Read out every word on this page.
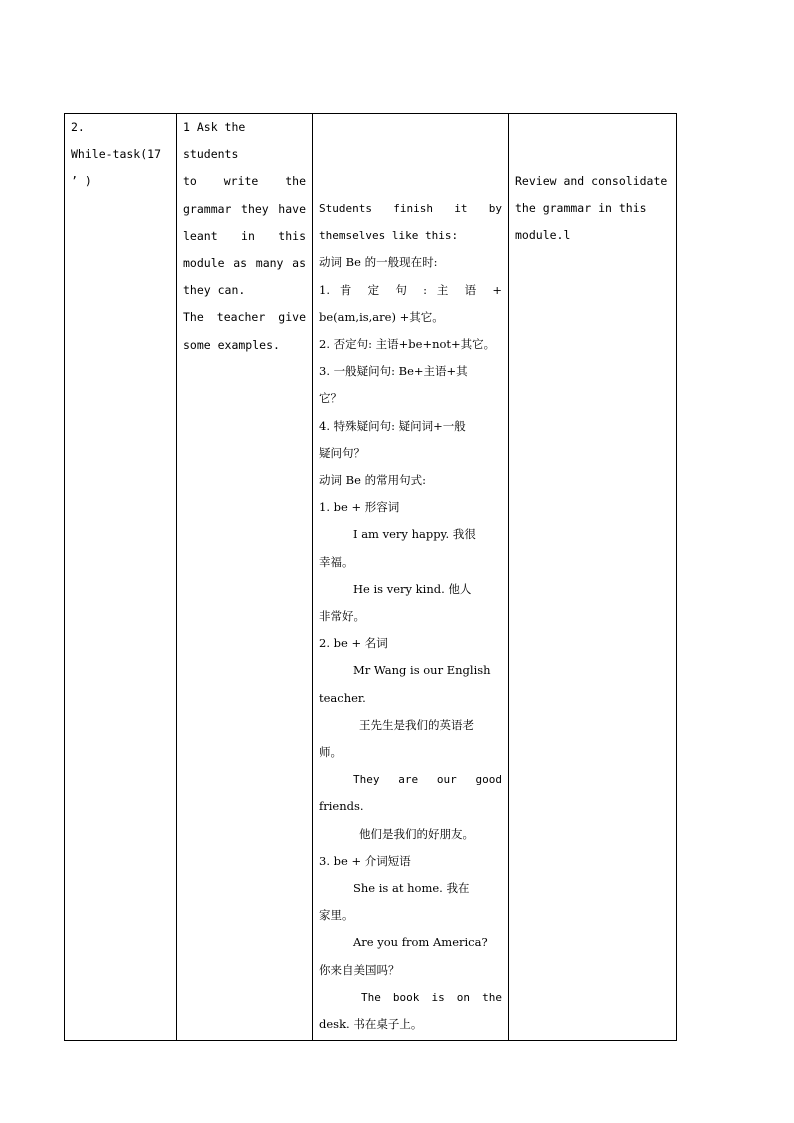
2.
While-task(17
’ )

1 Ask the students
to write the
grammar they have
leant in this
module as many as
they can.
The teacher give
some examples.

Students finish it by
themselves like this:
动词 Be 的一般现在时:
1. 肯 定 句 : 主 语 +
be(am,is,are) +其它。
2. 否定句: 主语+be+not+其它。
3. 一般疑问句: Be+主语+其
它？
4. 特殊疑问句: 疑问词+一般
疑问句？
动词 Be 的常用句式:
1. be + 形容词
I am very happy. 我很
幸福。
He is very kind. 他人
非常好。
2. be + 名词
Mr Wang is our English
teacher.
王先生是我们的英语老
师。
They are our good
friends.
他们是我们的好朋友。
3. be + 介词短语
She is at home. 我在
家里。
Are you from America?
你来自美国吗？
The book is on the
desk. 书在桌子上。

Review and consolidate
the grammar in this
module.l
